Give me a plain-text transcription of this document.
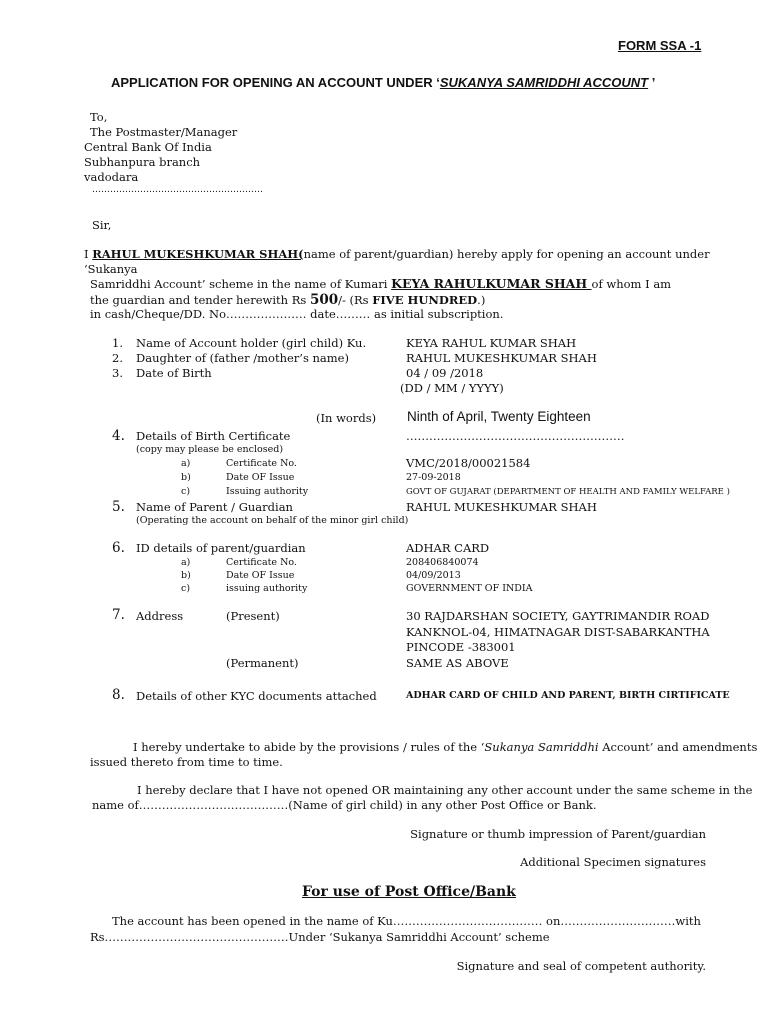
FORM SSA -1
APPLICATION FOR OPENING AN ACCOUNT UNDER ‘SUKANYA SAMRIDDHI ACCOUNT ’
To,
The Postmaster/Manager
Central Bank Of India
Subhanpura branch
vadodara
…………………………………………………
Sir,
I RAHUL MUKESHKUMAR SHAH(name of parent/guardian) hereby apply for opening an account under
‘Sukanya
Samriddhi Account’ scheme in the name of Kumari KEYA RAHULKUMAR SHAH of whom I am
the guardian and tender herewith Rs 500/- (Rs FIVE HUNDRED.)
in cash/Cheque/DD. No………………… date……… as initial subscription.
1. Name of Account holder (girl child) Ku.	KEYA RAHUL KUMAR SHAH
2. Daughter of (father /mother’s name)	RAHUL MUKESHKUMAR SHAH
3. Date of Birth	04 / 09 /2018
(DD / MM / YYYY)
(In words) Ninth of April, Twenty Eighteen
4. Details of Birth Certificate	…………………………………………………
(copy may please be enclosed)
a)	Certificate No.	VMC/2018/00021584
b)	Date OF Issue	27-09-2018
c)	Issuing authority	GOVT OF GUJARAT (DEPARTMENT OF HEALTH AND FAMILY WELFARE )
5. Name of Parent / Guardian	RAHUL MUKESHKUMAR SHAH
(Operating the account on behalf of the minor girl child)
6. ID details of parent/guardian	ADHAR CARD
a)	Certificate No.	208406840074
b)	Date OF Issue	04/09/2013
c)	issuing authority	GOVERNMENT OF INDIA
7. Address	(Present)	30 RAJDARSHAN SOCIETY, GAYTRIMANDIR ROAD
KANKNOL-04, HIMATNAGAR DIST-SABARKANTHA
PINCODE -383001
(Permanent)	SAME AS ABOVE
8. Details of other KYC documents attached	ADHAR CARD OF CHILD AND PARENT, BIRTH CIRTIFICATE
I hereby undertake to abide by the provisions / rules of the ‘Sukanya Samriddhi Account’ and amendments
issued thereto from time to time.
I hereby declare that I have not opened OR maintaining any other account under the same scheme in the
name of…………………………………(Name of girl child) in any other Post Office or Bank.
Signature or thumb impression of Parent/guardian
Additional Specimen signatures
For use of Post Office/Bank
The account has been opened in the name of Ku………………………………… on…………………………with
Rs…………………………………………Under ‘Sukanya Samriddhi Account’ scheme
Signature and seal of competent authority.
